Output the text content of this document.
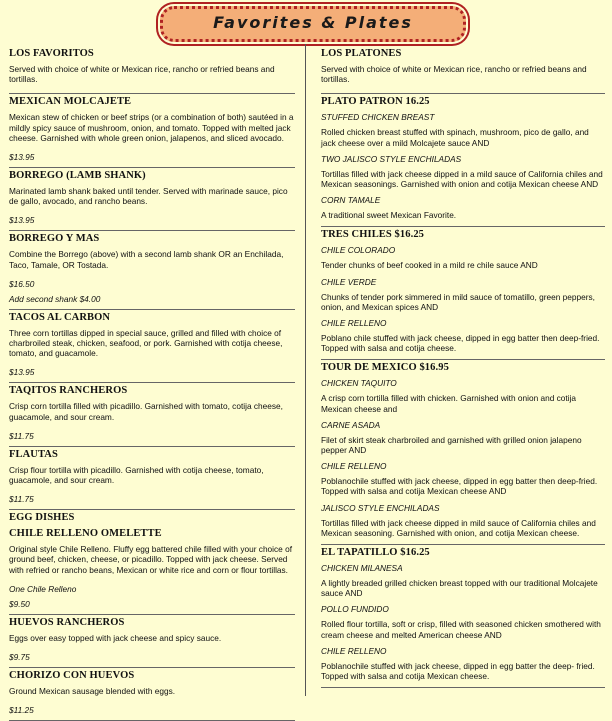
Favorites & Plates
LOS FAVORITOS
Served with choice of white or Mexican rice, rancho or refried beans and tortillas.
MEXICAN MOLCAJETE
Mexican stew of chicken or beef strips (or a combination of both) sautéed in a mildly spicy sauce of mushroom, onion, and tomato. Topped with melted jack cheese. Garnished with whole green onion, jalapenos, and sliced avocado.
$13.95
BORREGO (LAMB SHANK)
Marinated lamb shank baked until tender. Served with marinade sauce, pico de gallo, avocado, and rancho beans.
$13.95
BORREGO Y MAS
Combine the Borrego (above) with a second lamb shank OR an Enchilada, Taco, Tamale, OR Tostada.
$16.50
Add second shank $4.00
TACOS AL CARBON
Three corn tortillas dipped in special sauce, grilled and filled with choice of charbroiled steak, chicken, seafood, or pork. Garnished with cotija cheese, tomato, and guacamole.
$13.95
TAQITOS RANCHEROS
Crisp corn tortilla filled with picadillo. Garnished with tomato, cotija cheese, guacamole, and sour cream.
$11.75
FLAUTAS
Crisp flour tortilla with picadillo. Garnished with cotija cheese, tomato, guacamole, and sour cream.
$11.75
EGG DISHES
CHILE RELLENO OMELETTE
Original style Chile Relleno. Fluffy egg battered chile filled with your choice of ground beef, chicken, cheese, or picadillo. Topped with jack cheese. Served with refried or rancho beans, Mexican or white rice and corn or flour tortillas.
One Chile Relleno
$9.50
HUEVOS RANCHEROS
Eggs over easy topped with jack cheese and spicy sauce.
$9.75
CHORIZO CON HUEVOS
Ground Mexican sausage blended with eggs.
$11.25
LOS PLATONES
Served with choice of white or Mexican rice, rancho or refried beans and tortillas.
PLATO PATRON 16.25
STUFFED CHICKEN BREAST
Rolled chicken breast stuffed with spinach, mushroom, pico de gallo, and jack cheese over a mild Molcajete sauce AND
TWO JALISCO STYLE ENCHILADAS
Tortillas filled with jack cheese dipped in a mild sauce of California chiles and Mexican seasonings. Garnished with onion and cotija Mexican cheese AND
CORN TAMALE
A traditional sweet Mexican Favorite.
TRES CHILES $16.25
CHILE COLORADO
Tender chunks of beef cooked in a mild re chile sauce AND
CHILE VERDE
Chunks of tender pork simmered in mild sauce of tomatillo, green peppers, onion, and Mexican spices AND
CHILE RELLENO
Poblano chile stuffed with jack cheese, dipped in egg batter then deep-fried. Topped with salsa and cotija cheese.
TOUR DE MEXICO $16.95
CHICKEN TAQUITO
A crisp corn tortilla filled with chicken. Garnished with onion and cotija Mexican cheese and
CARNE ASADA
Filet of skirt steak charbroiled and garnished with grilled onion jalapeno pepper AND
CHILE RELLENO
Poblanochile stuffed with jack cheese, dipped in egg batter then deep-fried. Topped with salsa and cotija Mexican cheese AND
JALISCO STYLE ENCHILADAS
Tortillas filled with jack cheese dipped in mild sauce of California chiles and Mexican seasoning. Garnished with onion, and cotija Mexican cheese.
EL TAPATILLO $16.25
CHICKEN MILANESA
A lightly breaded grilled chicken breast topped with our traditional Molcajete sauce AND
POLLO FUNDIDO
Rolled flour tortilla, soft or crisp, filled with seasoned chicken smothered with cream cheese and melted American cheese AND
CHILE RELLENO
Poblanochile stuffed with jack cheese, dipped in egg batter the deep- fried. Topped with salsa and cotija Mexican cheese.
